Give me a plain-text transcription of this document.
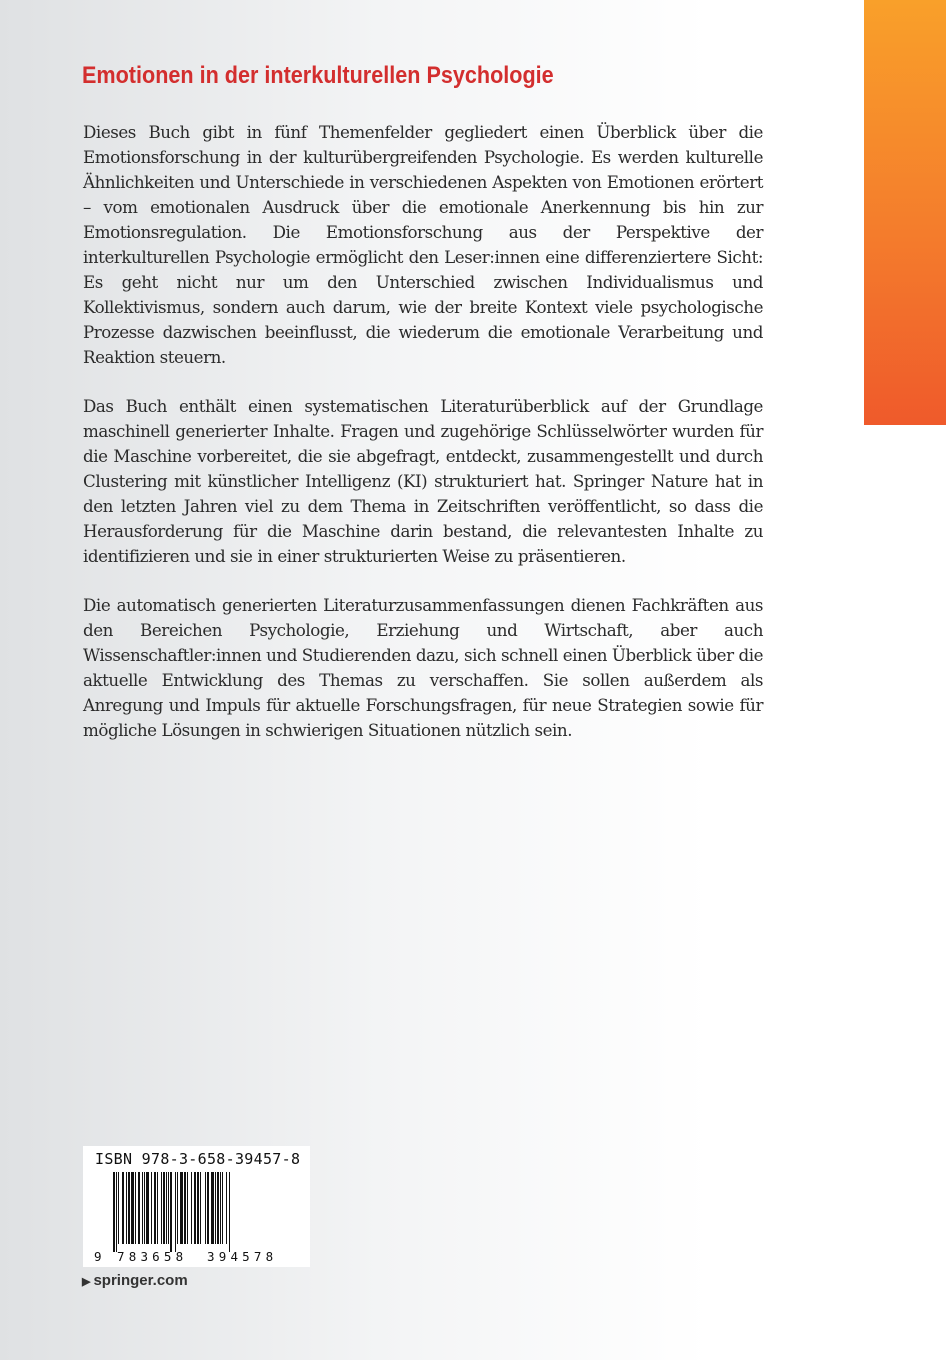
Emotionen in der interkulturellen Psychologie

Dieses Buch gibt in fünf Themenfelder gegliedert einen Überblick über die Emotionsforschung in der kulturübergreifenden Psychologie. Es werden kulturelle Ähnlichkeiten und Unterschiede in verschiedenen Aspekten von Emotionen erörtert – vom emotionalen Ausdruck über die emotionale Anerkennung bis hin zur Emotionsregulation. Die Emotionsforschung aus der Perspektive der interkulturellen Psychologie ermöglicht den Leser:innen eine differenziertere Sicht: Es geht nicht nur um den Unterschied zwischen Individualismus und Kollektivismus, sondern auch darum, wie der breite Kontext viele psychologische Prozesse dazwischen beeinflusst, die wiederum die emotionale Verarbeitung und Reaktion steuern.

Das Buch enthält einen systematischen Literaturüberblick auf der Grundlage maschinell generierter Inhalte. Fragen und zugehörige Schlüsselwörter wurden für die Maschine vorbereitet, die sie abgefragt, entdeckt, zusammengestellt und durch Clustering mit künstlicher Intelligenz (KI) strukturiert hat. Springer Nature hat in den letzten Jahren viel zu dem Thema in Zeitschriften veröffentlicht, so dass die Herausforderung für die Maschine darin bestand, die relevantesten Inhalte zu identifizieren und sie in einer strukturierten Weise zu präsentieren.

Die automatisch generierten Literaturzusammenfassungen dienen Fachkräften aus den Bereichen Psychologie, Erziehung und Wirtschaft, aber auch Wissenschaftler:innen und Studierenden dazu, sich schnell einen Überblick über die aktuelle Entwicklung des Themas zu verschaffen. Sie sollen außerdem als Anregung und Impuls für aktuelle Forschungsfragen, für neue Strategien sowie für mögliche Lösungen in schwierigen Situationen nützlich sein.

ISBN 978-3-658-39457-8
9 783658 394578
▶ springer.com
